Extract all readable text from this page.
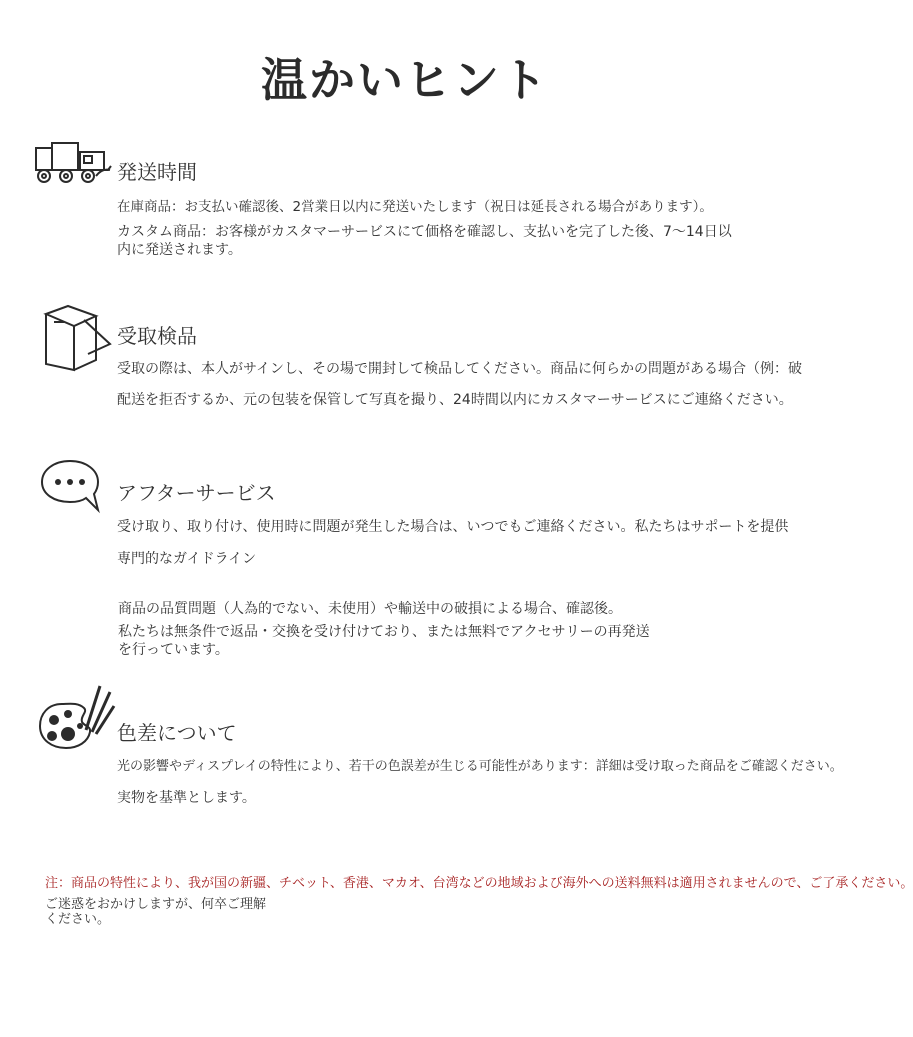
温かいヒント
発送時間
在庫商品：お支払い確認後、2営業日以内に発送いたします（祝日は延長される場合があります）。
カスタム商品：お客様がカスタマーサービスにて価格を確認し、支払いを完了した後、7〜14日以内に発送されます。
受取検品
受取の際は、本人がサインし、その場で開封して検品してください。商品に何らかの問題がある場合（例：破
配送を拒否するか、元の包装を保管して写真を撮り、24時間以内にカスタマーサービスにご連絡ください。
アフターサービス
受け取り、取り付け、使用時に問題が発生した場合は、いつでもご連絡ください。私たちはサポートを提供
専門的なガイドライン
商品の品質問題（人為的でない、未使用）や輸送中の破損による場合、確認後。
私たちは無条件で返品・交換を受け付けており、または無料でアクセサリーの再発送を行っています。
色差について
光の影響やディスプレイの特性により、若干の色誤差が生じる可能性があります：詳細は受け取った商品をご確認ください。
実物を基準とします。
注：商品の特性により、我が国の新疆、チベット、香港、マカオ、台湾などの地域および海外への送料無料は適用されませんので、ご了承ください。
ご迷惑をおかけしますが、何卒ご理解ください。
